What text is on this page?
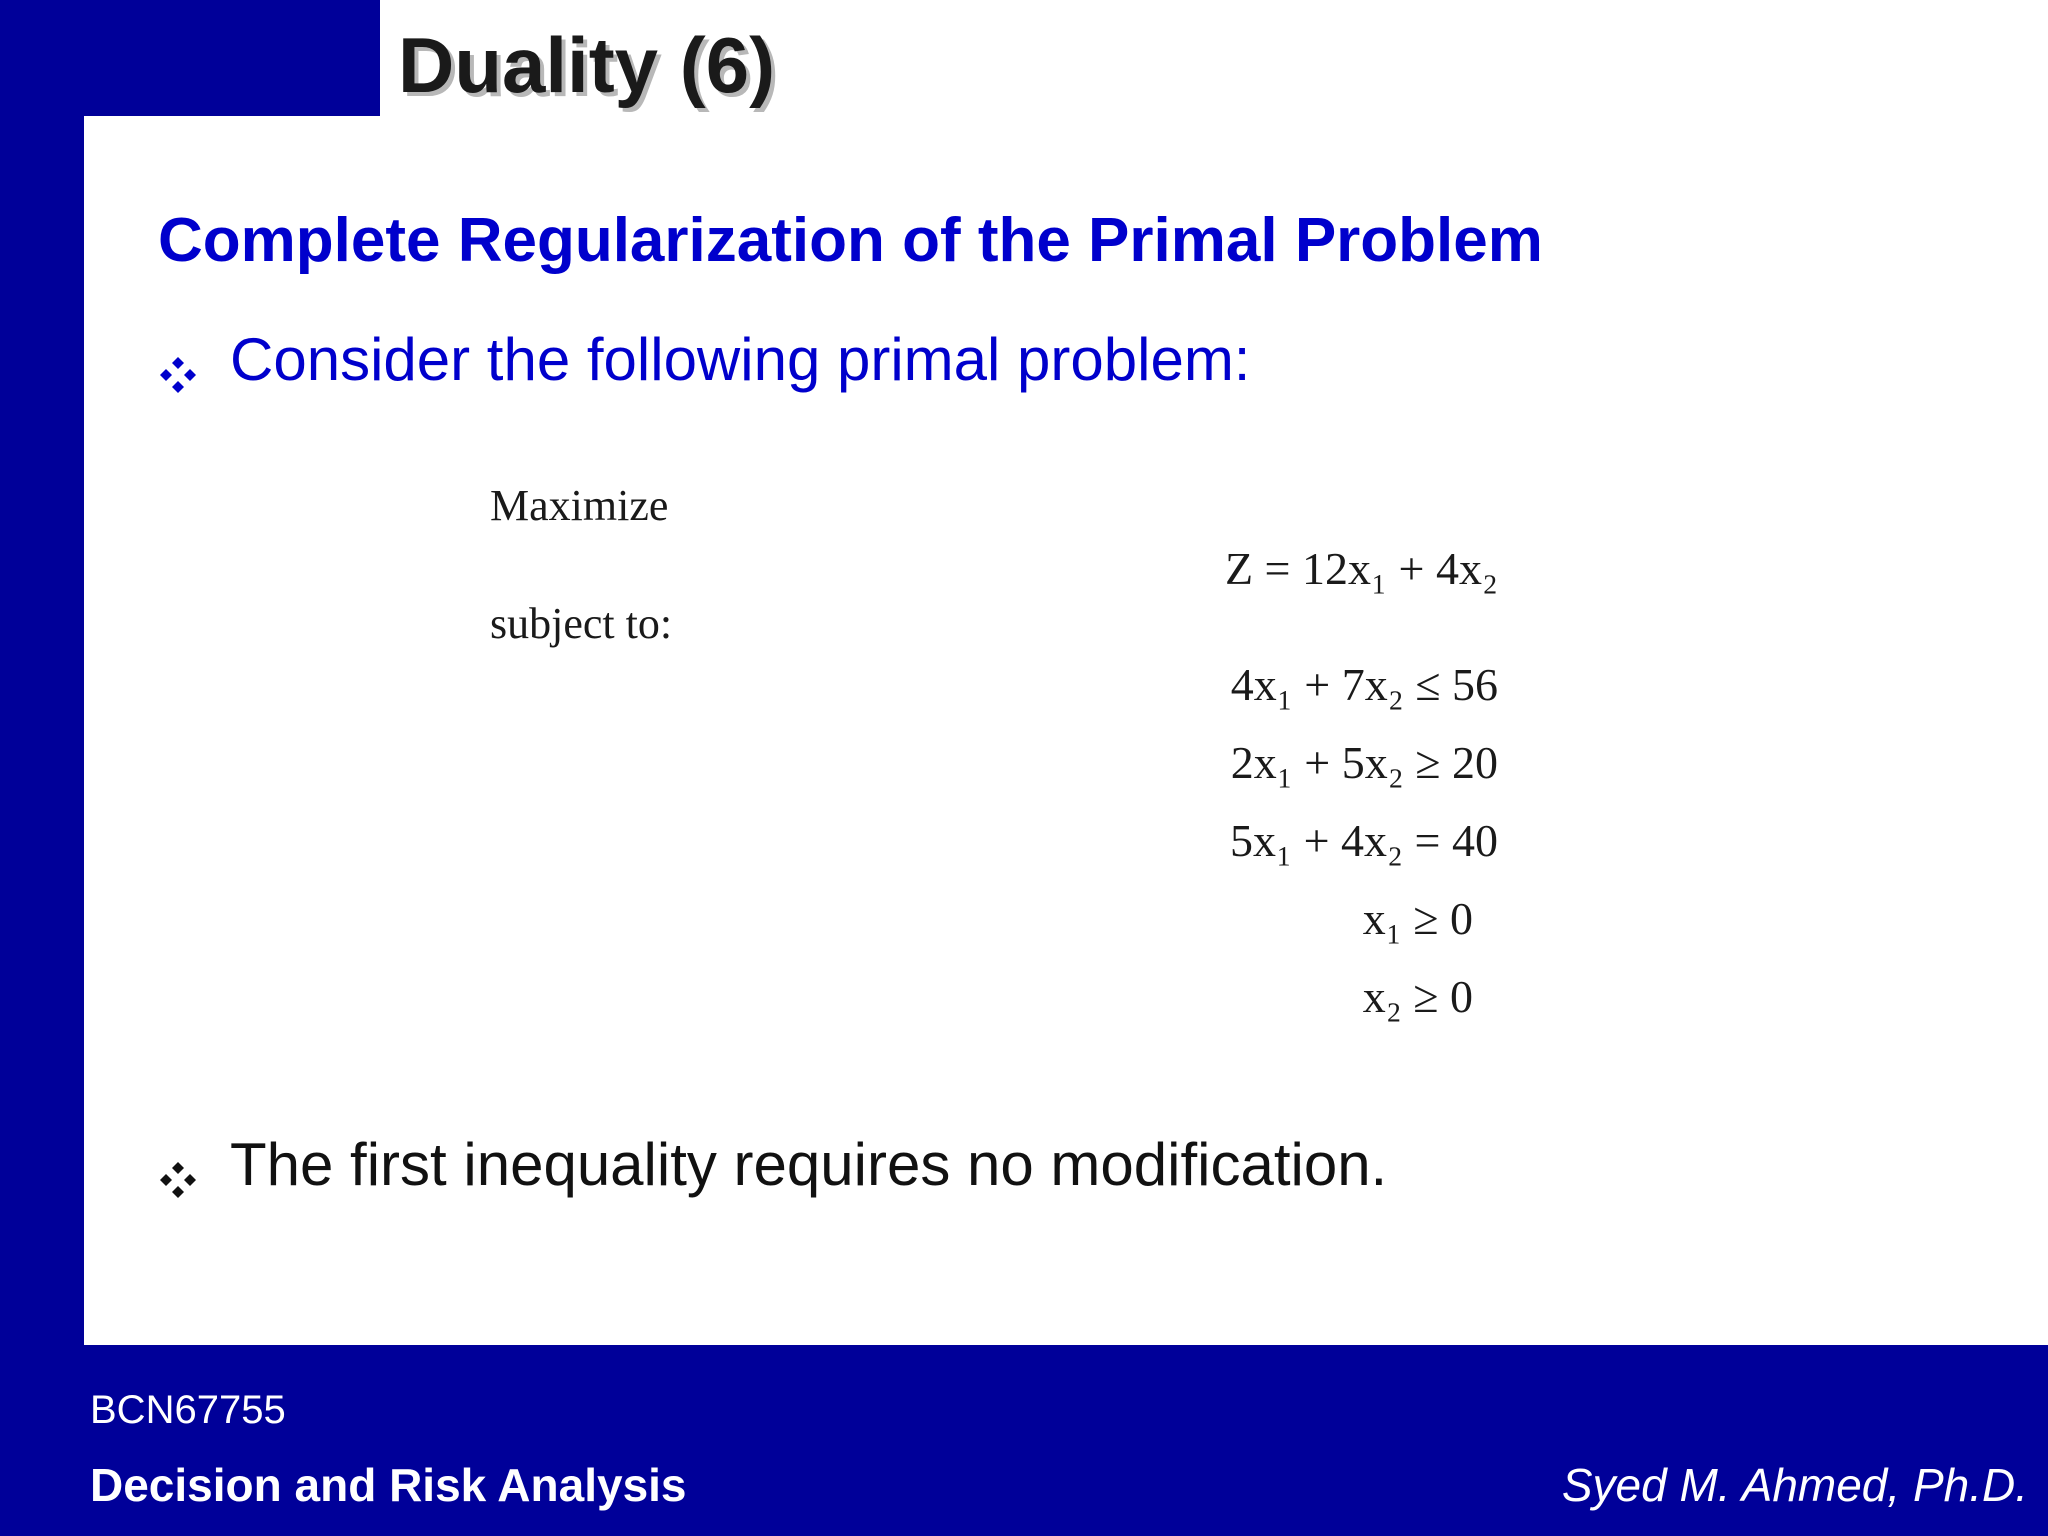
Duality (6)
Complete Regularization of the Primal Problem
Consider the following primal problem:
Maximize
subject to:
Z = 12x₁ + 4x₂
4x₁ + 7x₂ ≤ 56
2x₁ + 5x₂ ≥ 20
5x₁ + 4x₂ = 40
x₁ ≥ 0
x₂ ≥ 0
The first inequality requires no modification.
BCN67755
Decision and Risk Analysis	Syed M. Ahmed, Ph.D.
